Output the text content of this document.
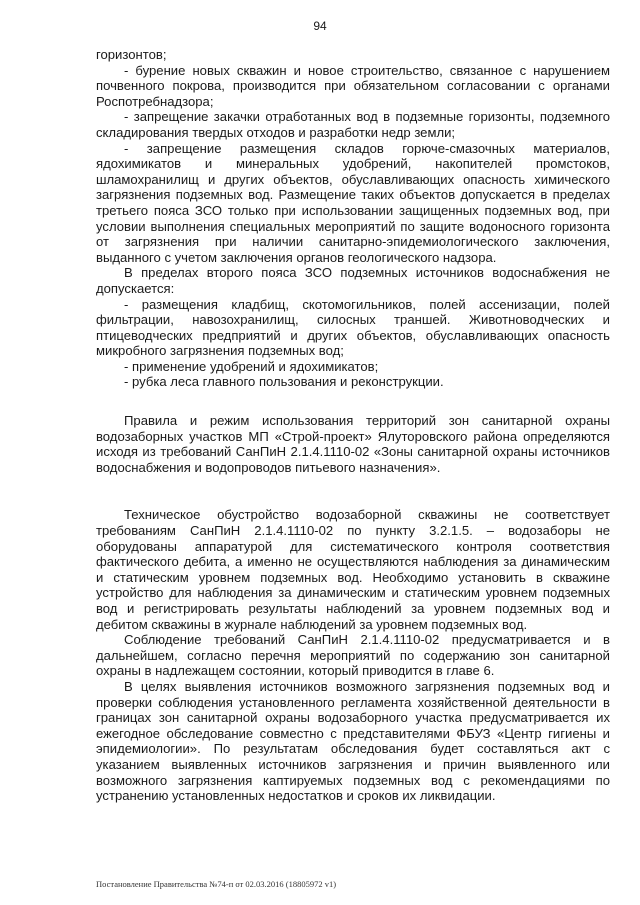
94

горизонтов;

- бурение новых скважин и новое строительство, связанное с нарушением почвенного покрова, производится при обязательном согласовании с органами Роспотребнадзора;

- запрещение закачки отработанных вод в подземные горизонты, подземного складирования твердых отходов и разработки недр земли;

- запрещение размещения складов горюче-смазочных материалов, ядохимикатов и минеральных удобрений, накопителей промстоков, шламохранилищ и других объектов, обуславливающих опасность химического загрязнения подземных вод. Размещение таких объектов допускается в пределах третьего пояса ЗСО только при использовании защищенных подземных вод, при условии выполнения специальных мероприятий по защите водоносного горизонта от загрязнения при наличии санитарно-эпидемиологического заключения, выданного с учетом заключения органов геологического надзора.

В пределах второго пояса ЗСО подземных источников водоснабжения не допускается:

- размещения кладбищ, скотомогильников, полей ассенизации, полей фильтрации, навозохранилищ, силосных траншей. Животноводческих и птицеводческих предприятий и других объектов, обуславливающих опасность микробного загрязнения подземных вод;

- применение удобрений и ядохимикатов;

- рубка леса главного пользования и реконструкции.

Правила и режим использования территорий зон санитарной охраны водозаборных участков МП «Строй-проект» Ялуторовского района определяются исходя из требований СанПиН 2.1.4.1110-02 «Зоны санитарной охраны источников водоснабжения и водопроводов питьевого назначения».

Техническое обустройство водозаборной скважины не соответствует требованиям СанПиН 2.1.4.1110-02 по пункту 3.2.1.5. – водозаборы не оборудованы аппаратурой для систематического контроля соответствия фактического дебита, а именно не осуществляются наблюдения за динамическим и статическим уровнем подземных вод. Необходимо установить в скважине устройство для наблюдения за динамическим и статическим уровнем подземных вод и регистрировать результаты наблюдений за уровнем подземных вод и дебитом скважины в журнале наблюдений за уровнем подземных вод.

Соблюдение требований СанПиН 2.1.4.1110-02 предусматривается и в дальнейшем, согласно перечня мероприятий по содержанию зон санитарной охраны в надлежащем состоянии, который приводится в главе 6.

В целях выявления источников возможного загрязнения подземных вод и проверки соблюдения установленного регламента хозяйственной деятельности в границах зон санитарной охраны водозаборного участка предусматривается их ежегодное обследование совместно с представителями ФБУЗ «Центр гигиены и эпидемиологии». По результатам обследования будет составляться акт с указанием выявленных источников загрязнения и причин выявленного или возможного загрязнения каптируемых подземных вод с рекомендациями по устранению установленных недостатков и сроков их ликвидации.

Постановление Правительства №74-п от 02.03.2016 (18805972 v1)
